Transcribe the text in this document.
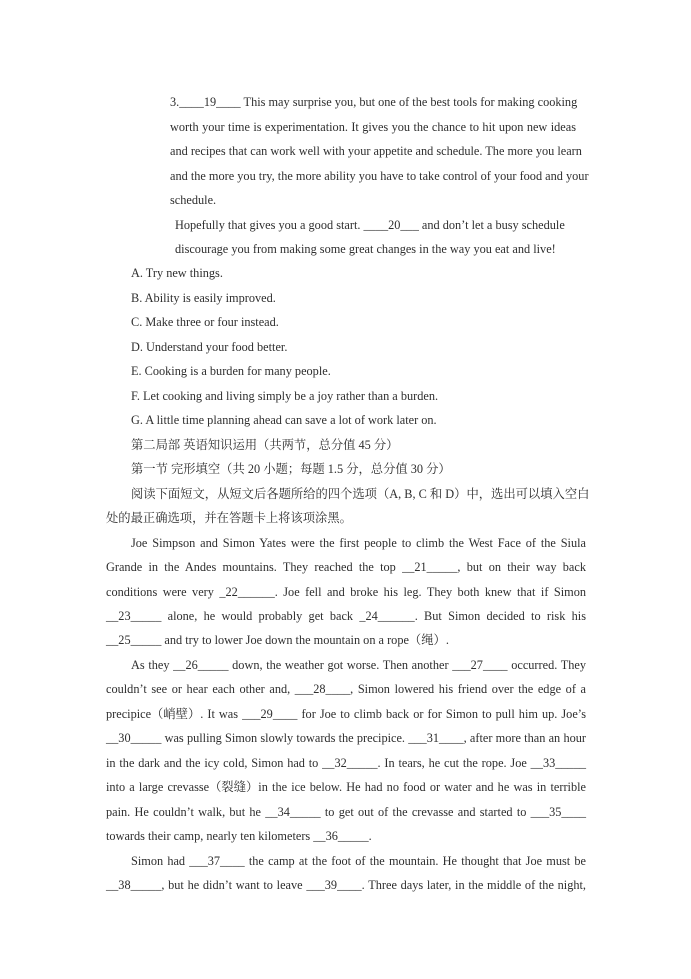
3.____19____ This may surprise you, but one of the best tools for making cooking
worth your time is experimentation. It gives you the chance to hit upon new ideas
and recipes that can work well with your appetite and schedule. The more you learn
and the more you try, the more ability you have to take control of your food and your
schedule.
Hopefully that gives you a good start. ____20___ and don’t let a busy schedule
discourage you from making some great changes in the way you eat and live!
A. Try new things.
B. Ability is easily improved.
C. Make three or four instead.
D. Understand your food better.
E. Cooking is a burden for many people.
F. Let cooking and living simply be a joy rather than a burden.
G. A little time planning ahead can save a lot of work later on.
第二局部 英语知识运用（共两节，总分值 45 分）
第一节 完形填空（共 20 小题；每题 1.5 分，总分值 30 分）
阅读下面短文，从短文后各题所给的四个选项（A, B, C 和 D）中，选出可以填入空白
处的最正确选项，并在答题卡上将该项涂黑。
Joe Simpson and Simon Yates were the first people to climb the West Face of the Siula
Grande in the Andes mountains. They reached the top __21_____, but on their way back
conditions were very _22______. Joe fell and broke his leg. They both knew that if Simon
__23_____ alone, he would probably get back _24______. But Simon decided to risk his
__25_____ and try to lower Joe down the mountain on a rope（绳）.
As they __26_____ down, the weather got worse. Then another ___27____ occurred. They
couldn’t see or hear each other and, ___28____, Simon lowered his friend over the edge of a
precipice（峭壁）. It was ___29____ for Joe to climb back or for Simon to pull him up. Joe’s
__30_____ was pulling Simon slowly towards the precipice. ___31____, after more than an hour
in the dark and the icy cold, Simon had to __32_____. In tears, he cut the rope. Joe __33_____
into a large crevasse（裂缝）in the ice below. He had no food or water and he was in terrible
pain. He couldn’t walk, but he __34_____ to get out of the crevasse and started to ___35____
towards their camp, nearly ten kilometers __36_____.
Simon had ___37____ the camp at the foot of the mountain. He thought that Joe must be
__38_____, but he didn’t want to leave ___39____. Three days later, in the middle of the night,
